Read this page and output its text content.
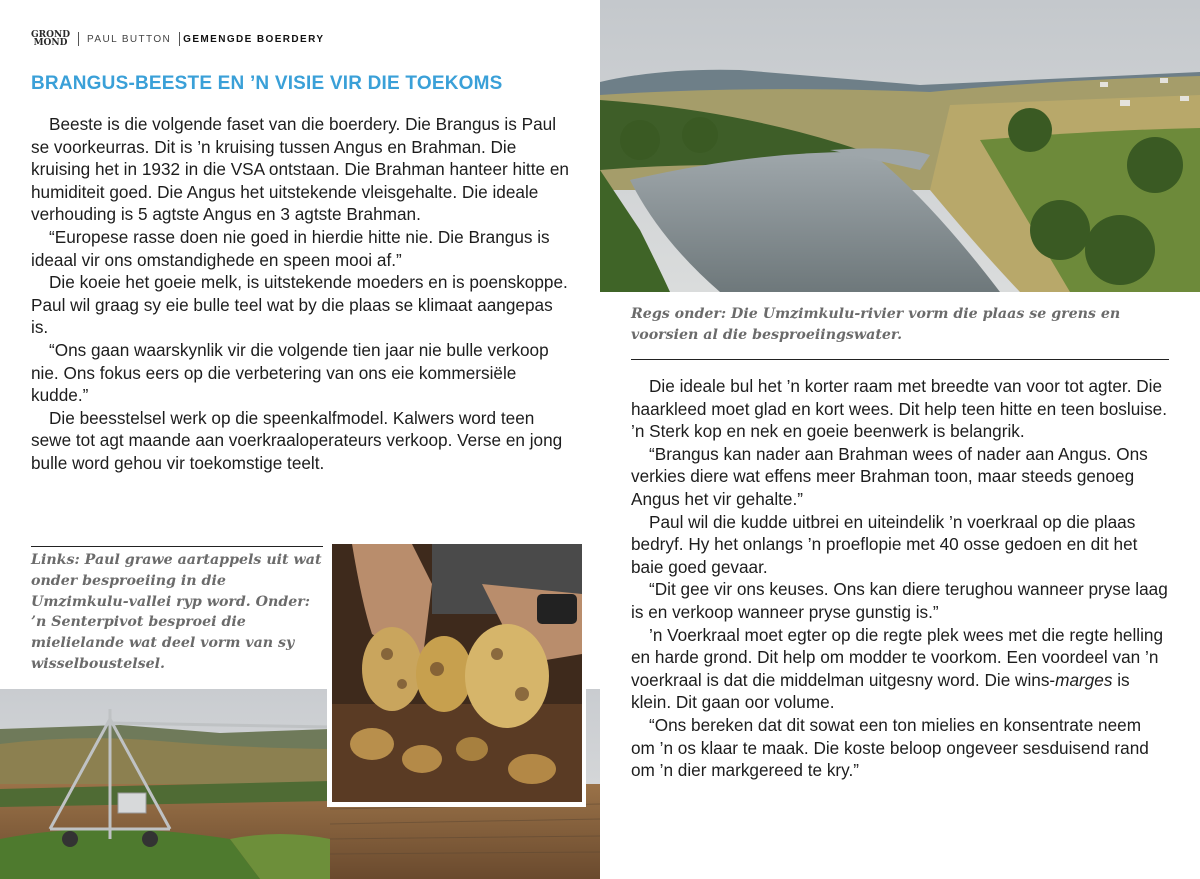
GROND
MOND PAUL BUTTON GEMENGDE BOERDERY
BRANGUS-BEESTE EN ’N VISIE VIR DIE TOEKOMS

Beeste is die volgende faset van die boerdery. Die Brangus is Paul se voorkeurras. Dit is ’n kruising tussen Angus en Brahman. Die kruising het in 1932 in die VSA ontstaan. Die Brahman hanteer hitte en humiditeit goed. Die Angus het uitstekende vleisgehalte. Die ideale verhouding is 5 agtste Angus en 3 agtste Brahman.

“Europese rasse doen nie goed in hierdie hitte nie. Die Brangus is ideaal vir ons omstandighede en speen mooi af.”

Die koeie het goeie melk, is uitstekende moeders en is poenskoppe. Paul wil graag sy eie bulle teel wat by die plaas se klimaat aangepas is.

“Ons gaan waarskynlik vir die volgende tien jaar nie bulle verkoop nie. Ons fokus eers op die verbetering van ons eie kommersiële kudde.”

Die beesstelsel werk op die speenkalfmodel. Kalwers word teen sewe tot agt maande aan voerkraaloperateurs verkoop. Verse en jong bulle word gehou vir toekomstige teelt.

Links: Paul grawe aartappels uit wat onder besproeiing in die Umzimkulu-vallei ryp word. Onder: ’n Senterpivot besproei die mielielande wat deel vorm van sy wisselboustelsel.
Regs onder: Die Umzimkulu-rivier vorm die plaas se grens en voorsien al die besproeiingswater.

Die ideale bul het ’n korter raam met breedte van voor tot agter. Die haarkleed moet glad en kort wees. Dit help teen hitte en teen bosluise. ’n Sterk kop en nek en goeie beenwerk is belangrik.

“Brangus kan nader aan Brahman wees of nader aan Angus. Ons verkies diere wat effens meer Brahman toon, maar steeds genoeg Angus het vir gehalte.”

Paul wil die kudde uitbrei en uiteindelik ’n voerkraal op die plaas bedryf. Hy het onlangs ’n proeflopie met 40 osse gedoen en dit het baie goed gevaar.

“Dit gee vir ons keuses. Ons kan diere terughou wanneer pryse laag is en verkoop wanneer pryse gunstig is.”

’n Voerkraal moet egter op die regte plek wees met die regte helling en harde grond. Dit help om modder te voorkom. Een voordeel van ’n voerkraal is dat die middelman uitgesny word. Die wins-marges is klein. Dit gaan oor volume.

“Ons bereken dat dit sowat een ton mielies en konsentrate neem om ’n os klaar te maak. Die koste beloop ongeveer sesduisend rand om ’n dier markgereed te kry.”
